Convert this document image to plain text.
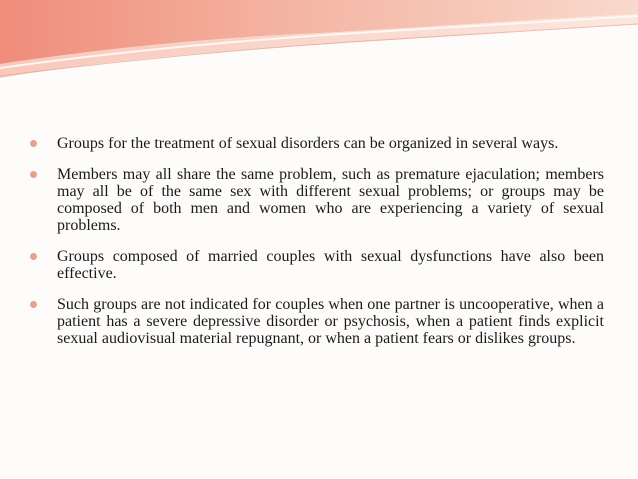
Groups for the treatment of sexual disorders can be organized in several ways.
Members may all share the same problem, such as premature ejaculation; members may all be of the same sex with different sexual problems; or groups may be composed of both men and women who are experiencing a variety of sexual problems.
Groups composed of married couples with sexual dysfunctions have also been effective.
Such groups are not indicated for couples when one partner is uncooperative, when a patient has a severe depressive disorder or psychosis, when a patient finds explicit sexual audiovisual material repugnant, or when a patient fears or dislikes groups.
